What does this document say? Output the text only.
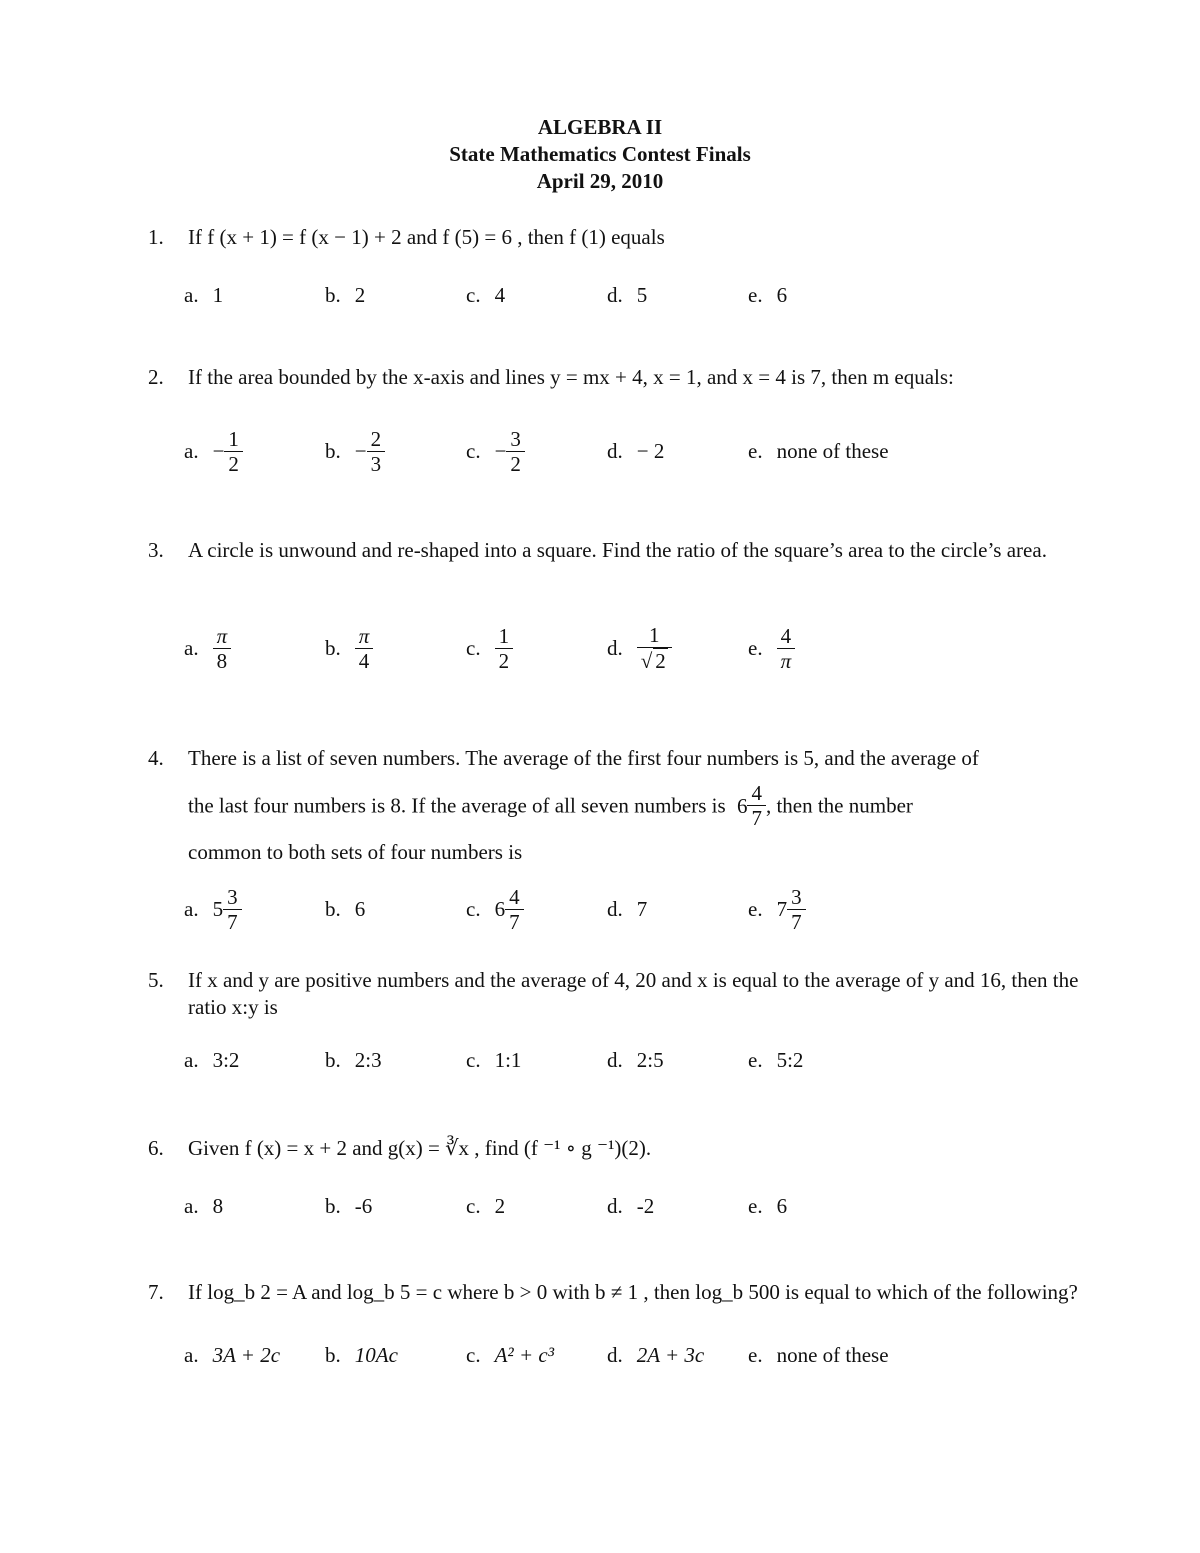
ALGEBRA II
State Mathematics Contest Finals
April 29, 2010
1. If f (x + 1) = f (x − 1) + 2 and f (5) = 6 , then f (1) equals
a. 1	b. 2	c. 4	d. 5	e. 6
2. If the area bounded by the x-axis and lines y = mx + 4, x = 1, and x = 4 is 7, then m equals:
a. − $\frac{1}{2}$	b. − $\frac{2}{3}$	c. − $\frac{3}{2}$	d. − 2	e. none of these
3. A circle is unwound and re-shaped into a square. Find the ratio of the square’s area to the circle’s area.
a. $\frac{\pi}{8}$	b. $\frac{\pi}{4}$	c. $\frac{1}{2}$	d. $\frac{1}{√ 2}$	e. $\frac{4}{\pi}$
4. There is a list of seven numbers. The average of the first four numbers is 5, and the average of
the last four numbers is 8. If the average of all seven numbers is $6 \frac{4}{7}$ , then the number
common to both sets of four numbers is
a. $5 \frac{3}{7}$	b. 6	c. $6 \frac{4}{7}$	d. 7	e. $7 \frac{3}{7}$
5. If x and y are positive numbers and the average of 4, 20 and x is equal to the average of y and 16, then the ratio x:y is
a. 3:2	b. 2:3	c. 1:1	d. 2:5	e. 5:2
6. Given f (x) = x + 2 and g(x) = ∛x , find (f ⁻¹ ∘ g ⁻¹)(2).
a. 8	b. -6	c. 2	d. -2	e. 6
7. If log_b 2 = A and log_b 5 = c where b > 0 with b ≠ 1 , then log_b 500 is equal to which of the following?
a. 3A + 2c b. 10Ac	c. A² + c³	d. 2A + 3c e. none of these
